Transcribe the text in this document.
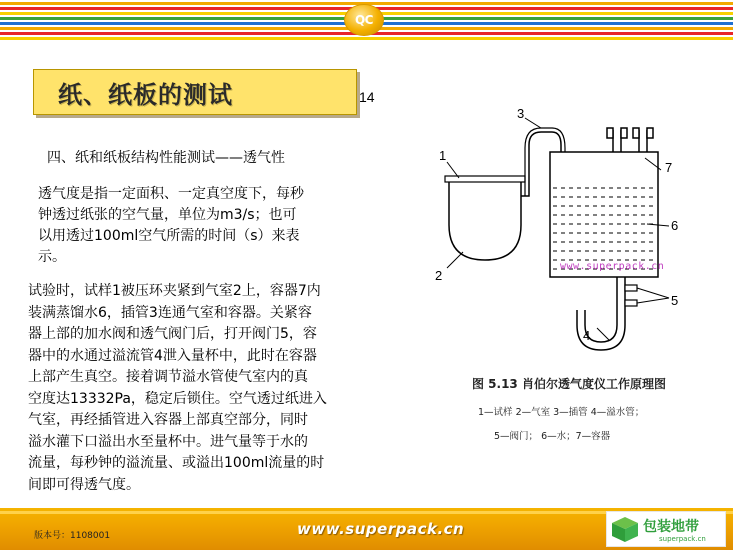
QC
纸、纸板的测试	14
四、纸和纸板结构性能测试——透气性
透气度是指一定面积、一定真空度下，每秒
钟透过纸张的空气量，单位为m3/s；也可
以用透过100ml空气所需的时间（s）来表
示。
试验时，试样1被压环夹紧到气室2上，容器7内
装满蒸馏水6，插管3连通气室和容器。关紧容
器上部的加水阀和透气阀门后，打开阀门5，容
器中的水通过溢流管4泄入量杯中，此时在容器
上部产生真空。接着调节溢水管使气室内的真
空度达13332Pa，稳定后锁住。空气透过纸进入
气室，再经插管进入容器上部真空部分，同时
溢水灌下口溢出水至量杯中。进气量等于水的
流量，每秒钟的溢流量、或溢出100ml流量的时
间即可得透气度。
1
2
3
4
5
6
7
www.superpack.cn
图 5.13 肖伯尔透气度仪工作原理图
1—试样 2—气室 3—插管 4—溢水管；
5—阀门； 6—水；7—容器
版本号：1108001	www.superpack.cn	包装地带
superpack.cn
